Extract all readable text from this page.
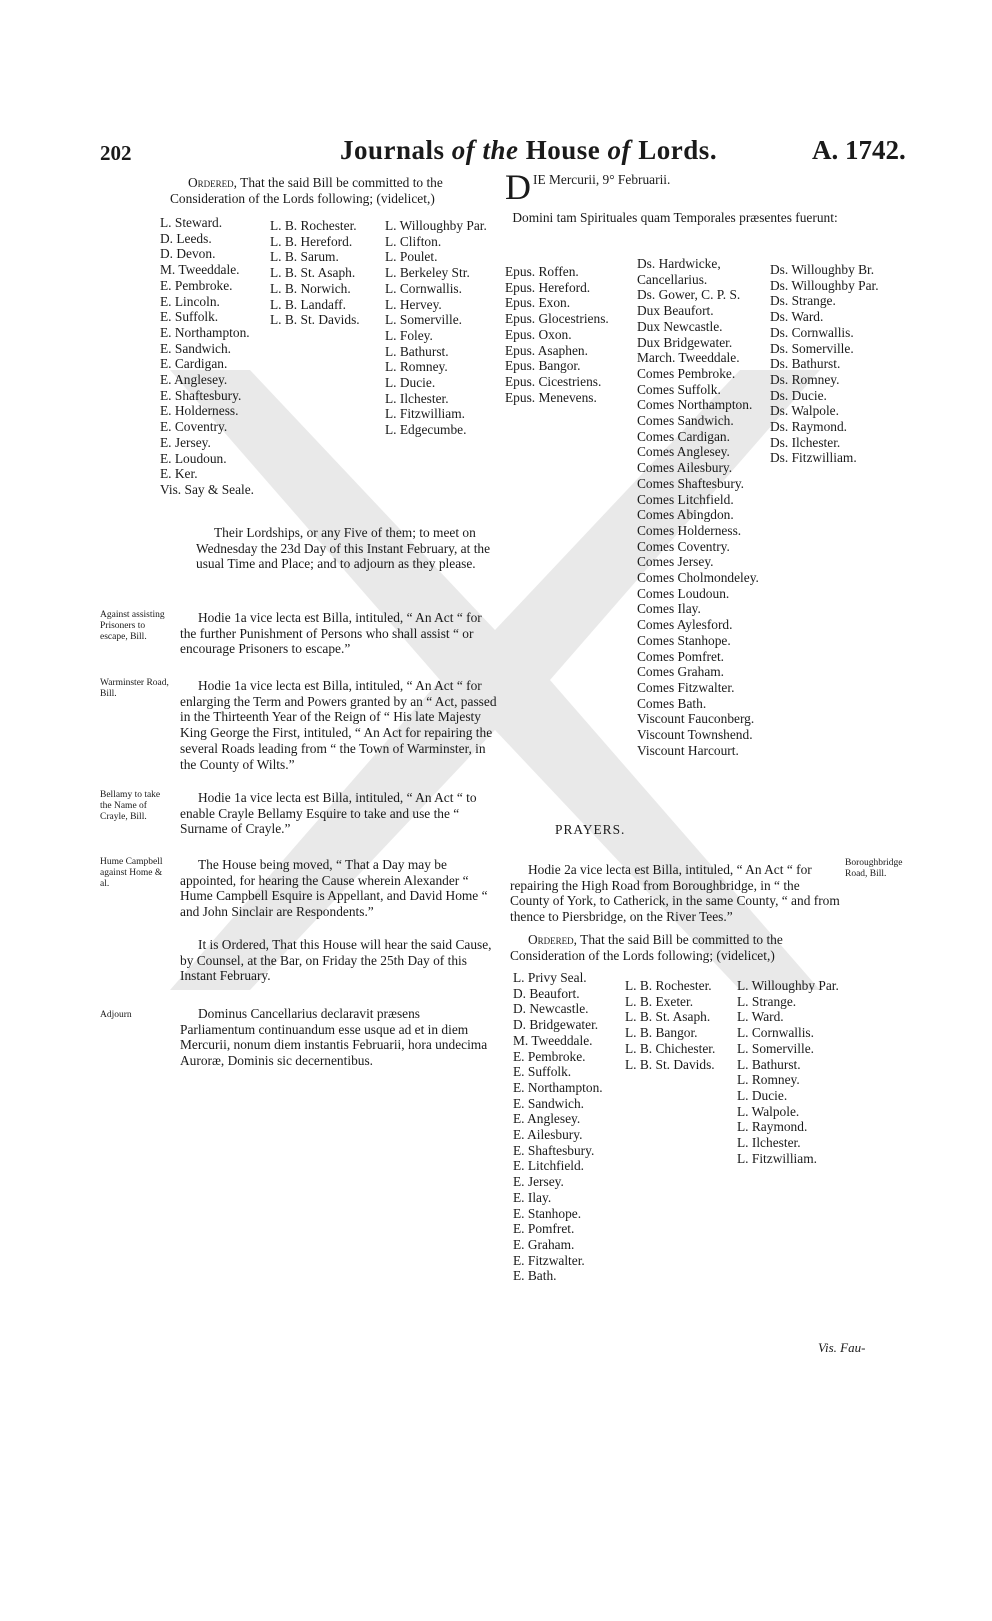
202	Journals of the House of Lords.	A. 1742.

Ordered, That the said Bill be committed to the Consideration of the Lords following; (videlicet,)

L. Steward.
D. Leeds.
D. Devon.
M. Tweeddale.
E. Pembroke.
E. Lincoln.
E. Suffolk.
E. Northampton.
E. Sandwich.
E. Cardigan.
E. Anglesey.
E. Shaftesbury.
E. Holderness.
E. Coventry.
E. Jersey.
E. Loudoun.
E. Ker.
Vis. Say & Seale.
L. B. Rochester.
L. B. Hereford.
L. B. Sarum.
L. B. St. Asaph.
L. B. Norwich.
L. B. Landaff.
L. B. St. Davids.
L. Willoughby Par.
L. Clifton.
L. Poulet.
L. Berkeley Str.
L. Cornwallis.
L. Hervey.
L. Somerville.
L. Foley.
L. Bathurst.
L. Romney.
L. Ducie.
L. Ilchester.
L. Fitzwilliam.
L. Edgecumbe.

Their Lordships, or any Five of them; to meet on Wednesday the 23d Day of this Instant February, at the usual Time and Place; and to adjourn as they please.

Against assisting Prisoners to escape, Bill.

Hodie 1a vice lecta est Billa, intituled, “ An Act “ for the further Punishment of Persons who shall assist “ or encourage Prisoners to escape.”

Warminster Road, Bill.

Hodie 1a vice lecta est Billa, intituled, “ An Act “ for enlarging the Term and Powers granted by an “ Act, passed in the Thirteenth Year of the Reign of “ His late Majesty King George the First, intituled, “ An Act for repairing the several Roads leading from “ the Town of Warminster, in the County of Wilts.”

Bellamy to take the Name of Crayle, Bill.

Hodie 1a vice lecta est Billa, intituled, “ An Act “ to enable Crayle Bellamy Esquire to take and use the “ Surname of Crayle.”

Hume Campbell against Home & al.

The House being moved, “ That a Day may be appointed, for hearing the Cause wherein Alexander “ Hume Campbell Esquire is Appellant, and David Home “ and John Sinclair are Respondents.”

It is Ordered, That this House will hear the said Cause, by Counsel, at the Bar, on Friday the 25th Day of this Instant February.

Adjourn	Dominus Cancellarius declaravit præsens Parliamentum continuandum esse usque ad et in diem Mercurii, nonum diem instantis Februarii, hora undecima Auroræ, Dominis sic decernentibus.

DIE Mercurii, 9° Februarii.

Domini tam Spirituales quam Temporales præsentes fuerunt:

Epus. Roffen.
Epus. Hereford.
Epus. Exon.
Epus. Glocestriens.
Epus. Oxon.
Epus. Asaphen.
Epus. Bangor.
Epus. Cicestriens.
Epus. Menevens.
Ds. Hardwicke,
Cancellarius.
Ds. Gower, C. P. S.
Dux Beaufort.
Dux Newcastle.
Dux Bridgewater.
March. Tweeddale.
Comes Pembroke.
Comes Suffolk.
Comes Northampton.
Comes Sandwich.
Comes Cardigan.
Comes Anglesey.
Comes Ailesbury.
Comes Shaftesbury.
Comes Litchfield.
Comes Abingdon.
Comes Holderness.
Comes Coventry.
Comes Jersey.
Comes Cholmondeley.
Comes Loudoun.
Comes Ilay.
Comes Aylesford.
Comes Stanhope.
Comes Pomfret.
Comes Graham.
Comes Fitzwalter.
Comes Bath.
Viscount Fauconberg.
Viscount Townshend.
Viscount Harcourt.
Ds. Willoughby Br.
Ds. Willoughby Par.
Ds. Strange.
Ds. Ward.
Ds. Cornwallis.
Ds. Somerville.
Ds. Bathurst.
Ds. Romney.
Ds. Ducie.
Ds. Walpole.
Ds. Raymond.
Ds. Ilchester.
Ds. Fitzwilliam.
PRAYERS.

Hodie 2a vice lecta est Billa, intituled, “ An Act “ for repairing the High Road from Boroughbridge, in “ the County of York, to Catherick, in the same County, “ and from thence to Piersbridge, on the River Tees.”

Boroughbridge Road, Bill.

Ordered, That the said Bill be committed to the Consideration of the Lords following; (videlicet,)

L. Privy Seal.
D. Beaufort.
D. Newcastle.
D. Bridgewater.
M. Tweeddale.
E. Pembroke.
E. Suffolk.
E. Northampton.
E. Sandwich.
E. Anglesey.
E. Ailesbury.
E. Shaftesbury.
E. Litchfield.
E. Jersey.
E. Ilay.
E. Stanhope.
E. Pomfret.
E. Graham.
E. Fitzwalter.
E. Bath.
L. B. Rochester.
L. B. Exeter.
L. B. St. Asaph.
L. B. Bangor.
L. B. Chichester.
L. B. St. Davids.
L. Willoughby Par.
L. Strange.
L. Ward.
L. Cornwallis.
L. Somerville.
L. Bathurst.
L. Romney.
L. Ducie.
L. Walpole.
L. Raymond.
L. Ilchester.
L. Fitzwilliam.
Vis. Fau-
